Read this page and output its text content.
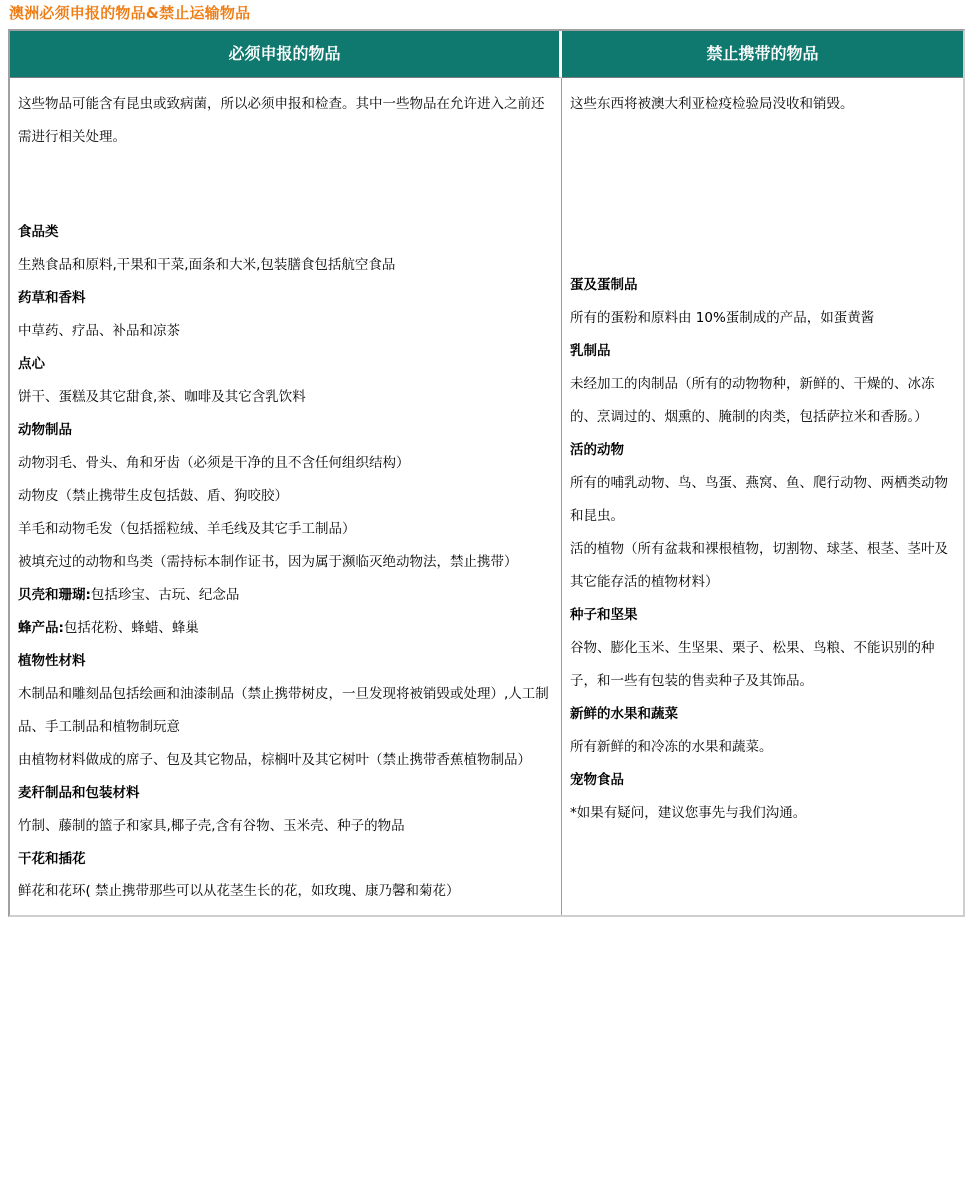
澳洲必须申报的物品&禁止运输物品
必须申报的物品	禁止携带的物品

这些物品可能含有昆虫或致病菌，所以必须申报和检查。其中一些物品在允许进入之前还需进行相关处理。
食品类
生熟食品和原料,干果和干菜,面条和大米,包装膳食包括航空食品
药草和香料
中草药、疗品、补品和凉茶
点心
饼干、蛋糕及其它甜食,茶、咖啡及其它含乳饮料
动物制品
动物羽毛、骨头、角和牙齿（必须是干净的且不含任何组织结构）
动物皮（禁止携带生皮包括鼓、盾、狗咬胶）
羊毛和动物毛发（包括摇粒绒、羊毛线及其它手工制品）
被填充过的动物和鸟类（需持标本制作证书，因为属于濒临灭绝动物法，禁止携带）
贝壳和珊瑚:包括珍宝、古玩、纪念品
蜂产品:包括花粉、蜂蜡、蜂巢
植物性材料
木制品和雕刻品包括绘画和油漆制品（禁止携带树皮，一旦发现将被销毁或处理）,人工制品、手工制品和植物制玩意
由植物材料做成的席子、包及其它物品，棕榈叶及其它树叶（禁止携带香蕉植物制品）
麦秆制品和包装材料
竹制、藤制的篮子和家具,椰子壳,含有谷物、玉米壳、种子的物品
干花和插花
鲜花和花环( 禁止携带那些可以从花茎生长的花，如玫瑰、康乃馨和菊花）

这些东西将被澳大利亚检疫检验局没收和销毁。
蛋及蛋制品
所有的蛋粉和原料由 10%蛋制成的产品，如蛋黄酱
乳制品
未经加工的肉制品（所有的动物物种，新鲜的、干燥的、冰冻的、烹调过的、烟熏的、腌制的肉类，包括萨拉米和香肠。）
活的动物
所有的哺乳动物、鸟、鸟蛋、燕窝、鱼、爬行动物、两栖类动物和昆虫。
活的植物（所有盆栽和裸根植物，切割物、球茎、根茎、茎叶及其它能存活的植物材料）
种子和坚果
谷物、膨化玉米、生坚果、栗子、松果、鸟粮、不能识别的种子，和一些有包装的售卖种子及其饰品。
新鲜的水果和蔬菜
所有新鲜的和冷冻的水果和蔬菜。
宠物食品
*如果有疑问，建议您事先与我们沟通。
